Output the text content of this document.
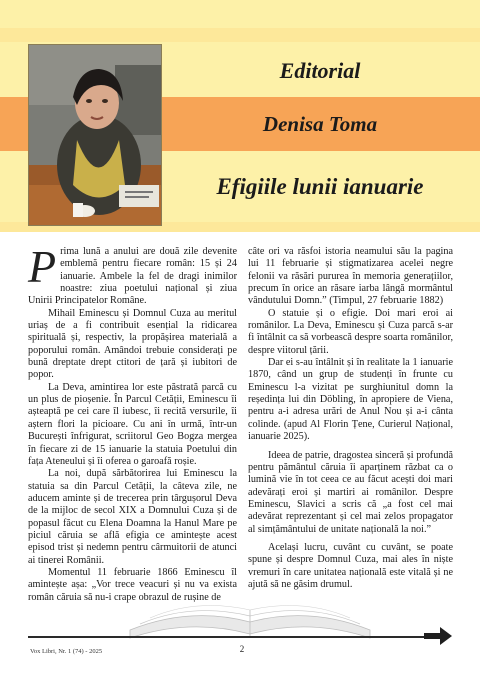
Editorial
Denisa Toma
Efigiile lunii ianuarie

Prima lună a anului are două zile devenite emblemă pentru fiecare român: 15 și 24 ianuarie. Ambele la fel de dragi inimilor noastre: ziua poetului național și ziua Unirii Principatelor Române.

Mihail Eminescu și Domnul Cuza au meritul uriaș de a fi contribuit esențial la ridicarea spirituală și, respectiv, la propășirea materială a poporului român. Amândoi trebuie considerați pe bună dreptate drept ctitori de țară și iubitori de popor.

La Deva, amintirea lor este păstrată parcă cu un plus de pioșenie. În Parcul Cetății, Eminescu îi așteaptă pe cei care îl iubesc, îi recită versurile, îi aștern flori la picioare. Cu ani în urmă, într-un București înfrigurat, scriitorul Geo Bogza mergea în fiecare zi de 15 ianuarie la statuia Poetului din fața Ateneului și îi oferea o garoafă roșie.

La noi, după sărbătorirea lui Eminescu la statuia sa din Parcul Cetății, la câteva zile, ne aducem aminte și de trecerea prin târgușorul Deva de la mijloc de secol XIX a Domnului Cuza și de popasul făcut cu Elena Doamna la Hanul Mare pe piciul căruia se află efigia ce amintește acest episod trist și nedemn pentru cârmuitorii de atunci ai tinerei Românii.

Momentul 11 februarie 1866 Eminescu îl amintește așa: „Vor trece veacuri și nu va exista român căruia să nu-i crape obrazul de rușine de

câte ori va răsfoi istoria neamului său la pagina lui 11 februarie și stigmatizarea acelei negre felonii va răsări pururea în memoria generațiilor, precum în orice an răsare iarba lângă mormântul vândutului Domn.” (Timpul, 27 februarie 1882)

O statuie și o efigie. Doi mari eroi ai românilor. La Deva, Eminescu și Cuza parcă s-ar fi întâlnit ca să vorbească despre soarta românilor, despre viitorul țării.

Dar ei s-au întâlnit și în realitate la 1 ianuarie 1870, când un grup de studenți în frunte cu Eminescu l-a vizitat pe surghiunitul domn la reședința lui din Döbling, în apropiere de Viena, pentru a-i adresa urări de Anul Nou și a-i cânta colinde. (apud Al Florin Țene, Curierul Național, ianuarie 2025).

Ideea de patrie, dragostea sinceră și profundă pentru pământul căruia îi aparținem răzbat ca o lumină vie în tot ceea ce au făcut acești doi mari adevărați eroi și martiri ai românilor. Despre Eminescu, Slavici a scris că „a fost cel mai adevărat reprezentant și cel mai zelos propagator al simțământului de unitate națională la noi.”

Același lucru, cuvânt cu cuvânt, se poate spune și despre Domnul Cuza, mai ales în niște vremuri în care unitatea națională este vitală și ne ajută să ne găsim drumul.

Vox Libri, Nr. 1 (74) - 2025	2
